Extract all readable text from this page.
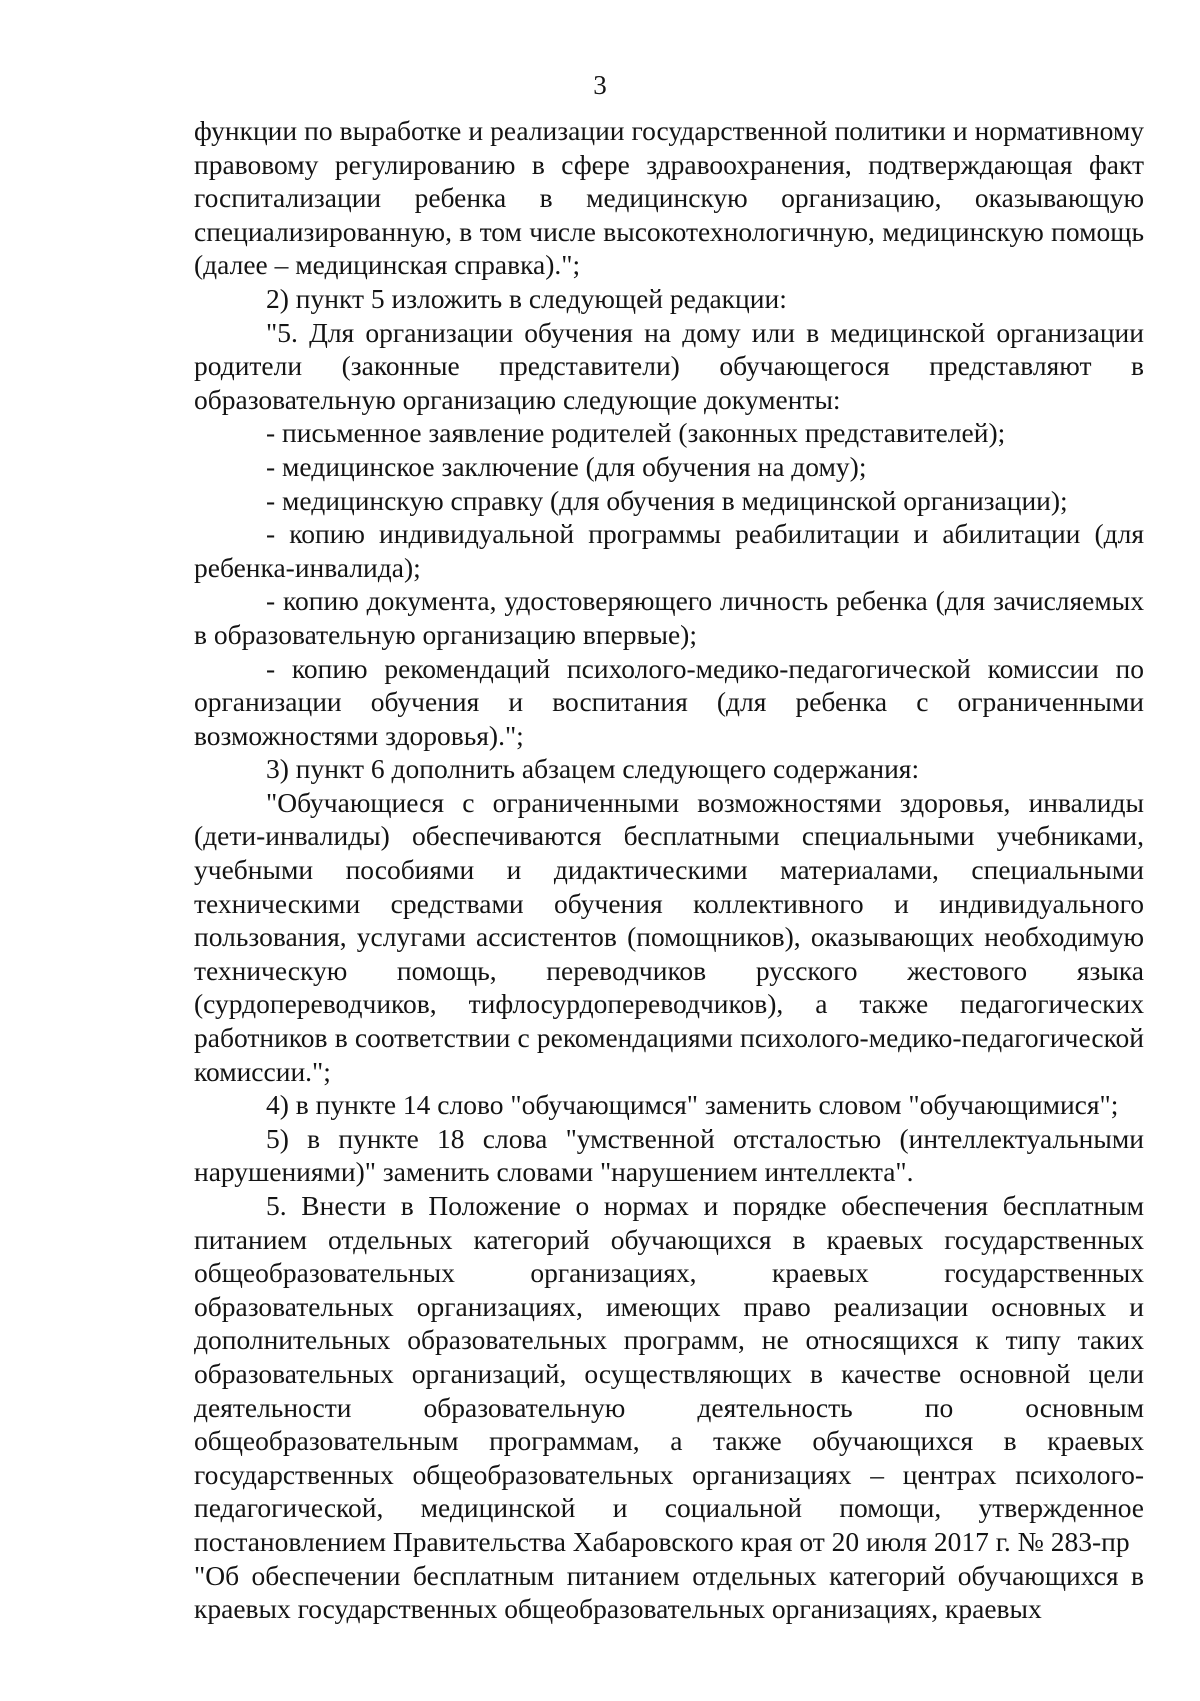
3

функции по выработке и реализации государственной политики и нормативному правовому регулированию в сфере здравоохранения, подтверждающая факт госпитализации ребенка в медицинскую организацию, оказывающую специализированную, в том числе высокотехнологичную, медицинскую помощь (далее – медицинская справка).";

2) пункт 5 изложить в следующей редакции:

"5. Для организации обучения на дому или в медицинской организации родители (законные представители) обучающегося представляют в образовательную организацию следующие документы:

- письменное заявление родителей (законных представителей);

- медицинское заключение (для обучения на дому);

- медицинскую справку (для обучения в медицинской организации);

- копию индивидуальной программы реабилитации и абилитации (для ребенка-инвалида);

- копию документа, удостоверяющего личность ребенка (для зачисляемых в образовательную организацию впервые);

- копию рекомендаций психолого-медико-педагогической комиссии по организации обучения и воспитания (для ребенка с ограниченными возможностями здоровья).";

3) пункт 6 дополнить абзацем следующего содержания:

"Обучающиеся с ограниченными возможностями здоровья, инвалиды (дети-инвалиды) обеспечиваются бесплатными специальными учебниками, учебными пособиями и дидактическими материалами, специальными техническими средствами обучения коллективного и индивидуального пользования, услугами ассистентов (помощников), оказывающих необходимую техническую помощь, переводчиков русского жестового языка (сурдопереводчиков, тифлосурдопереводчиков), а также педагогических работников в соответствии с рекомендациями психолого-медико-педагогической комиссии.";

4) в пункте 14 слово "обучающимся" заменить словом "обучающимися";

5) в пункте 18 слова "умственной отсталостью (интеллектуальными нарушениями)" заменить словами "нарушением интеллекта".

5. Внести в Положение о нормах и порядке обеспечения бесплатным питанием отдельных категорий обучающихся в краевых государственных общеобразовательных организациях, краевых государственных образовательных организациях, имеющих право реализации основных и дополнительных образовательных программ, не относящихся к типу таких образовательных организаций, осуществляющих в качестве основной цели деятельности образовательную деятельность по основным общеобразовательным программам, а также обучающихся в краевых государственных общеобразовательных организациях – центрах психолого-педагогической, медицинской и социальной помощи, утвержденное постановлением Правительства Хабаровского края от 20 июля 2017 г. № 283-пр

"Об обеспечении бесплатным питанием отдельных категорий обучающихся в краевых государственных общеобразовательных организациях, краевых
